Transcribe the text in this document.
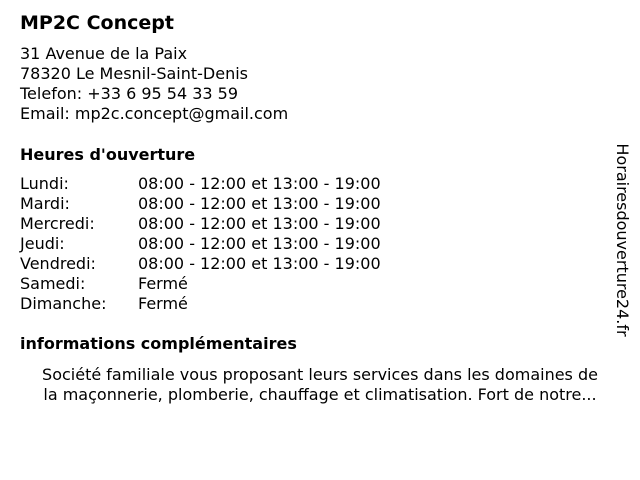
MP2C Concept
31 Avenue de la Paix
78320 Le Mesnil-Saint-Denis
Telefon: +33 6 95 54 33 59
Email: mp2c.concept@gmail.com
Heures d'ouverture
Lundi:	08:00 - 12:00 et 13:00 - 19:00
Mardi:	08:00 - 12:00 et 13:00 - 19:00
Mercredi:	08:00 - 12:00 et 13:00 - 19:00
Jeudi:	08:00 - 12:00 et 13:00 - 19:00
Vendredi:	08:00 - 12:00 et 13:00 - 19:00
Samedi:	Fermé
Dimanche: Fermé
informations complémentaires
Société familiale vous proposant leurs services dans les domaines de
la maçonnerie, plomberie, chauffage et climatisation. Fort de notre...
Horairesdouverture24.fr
